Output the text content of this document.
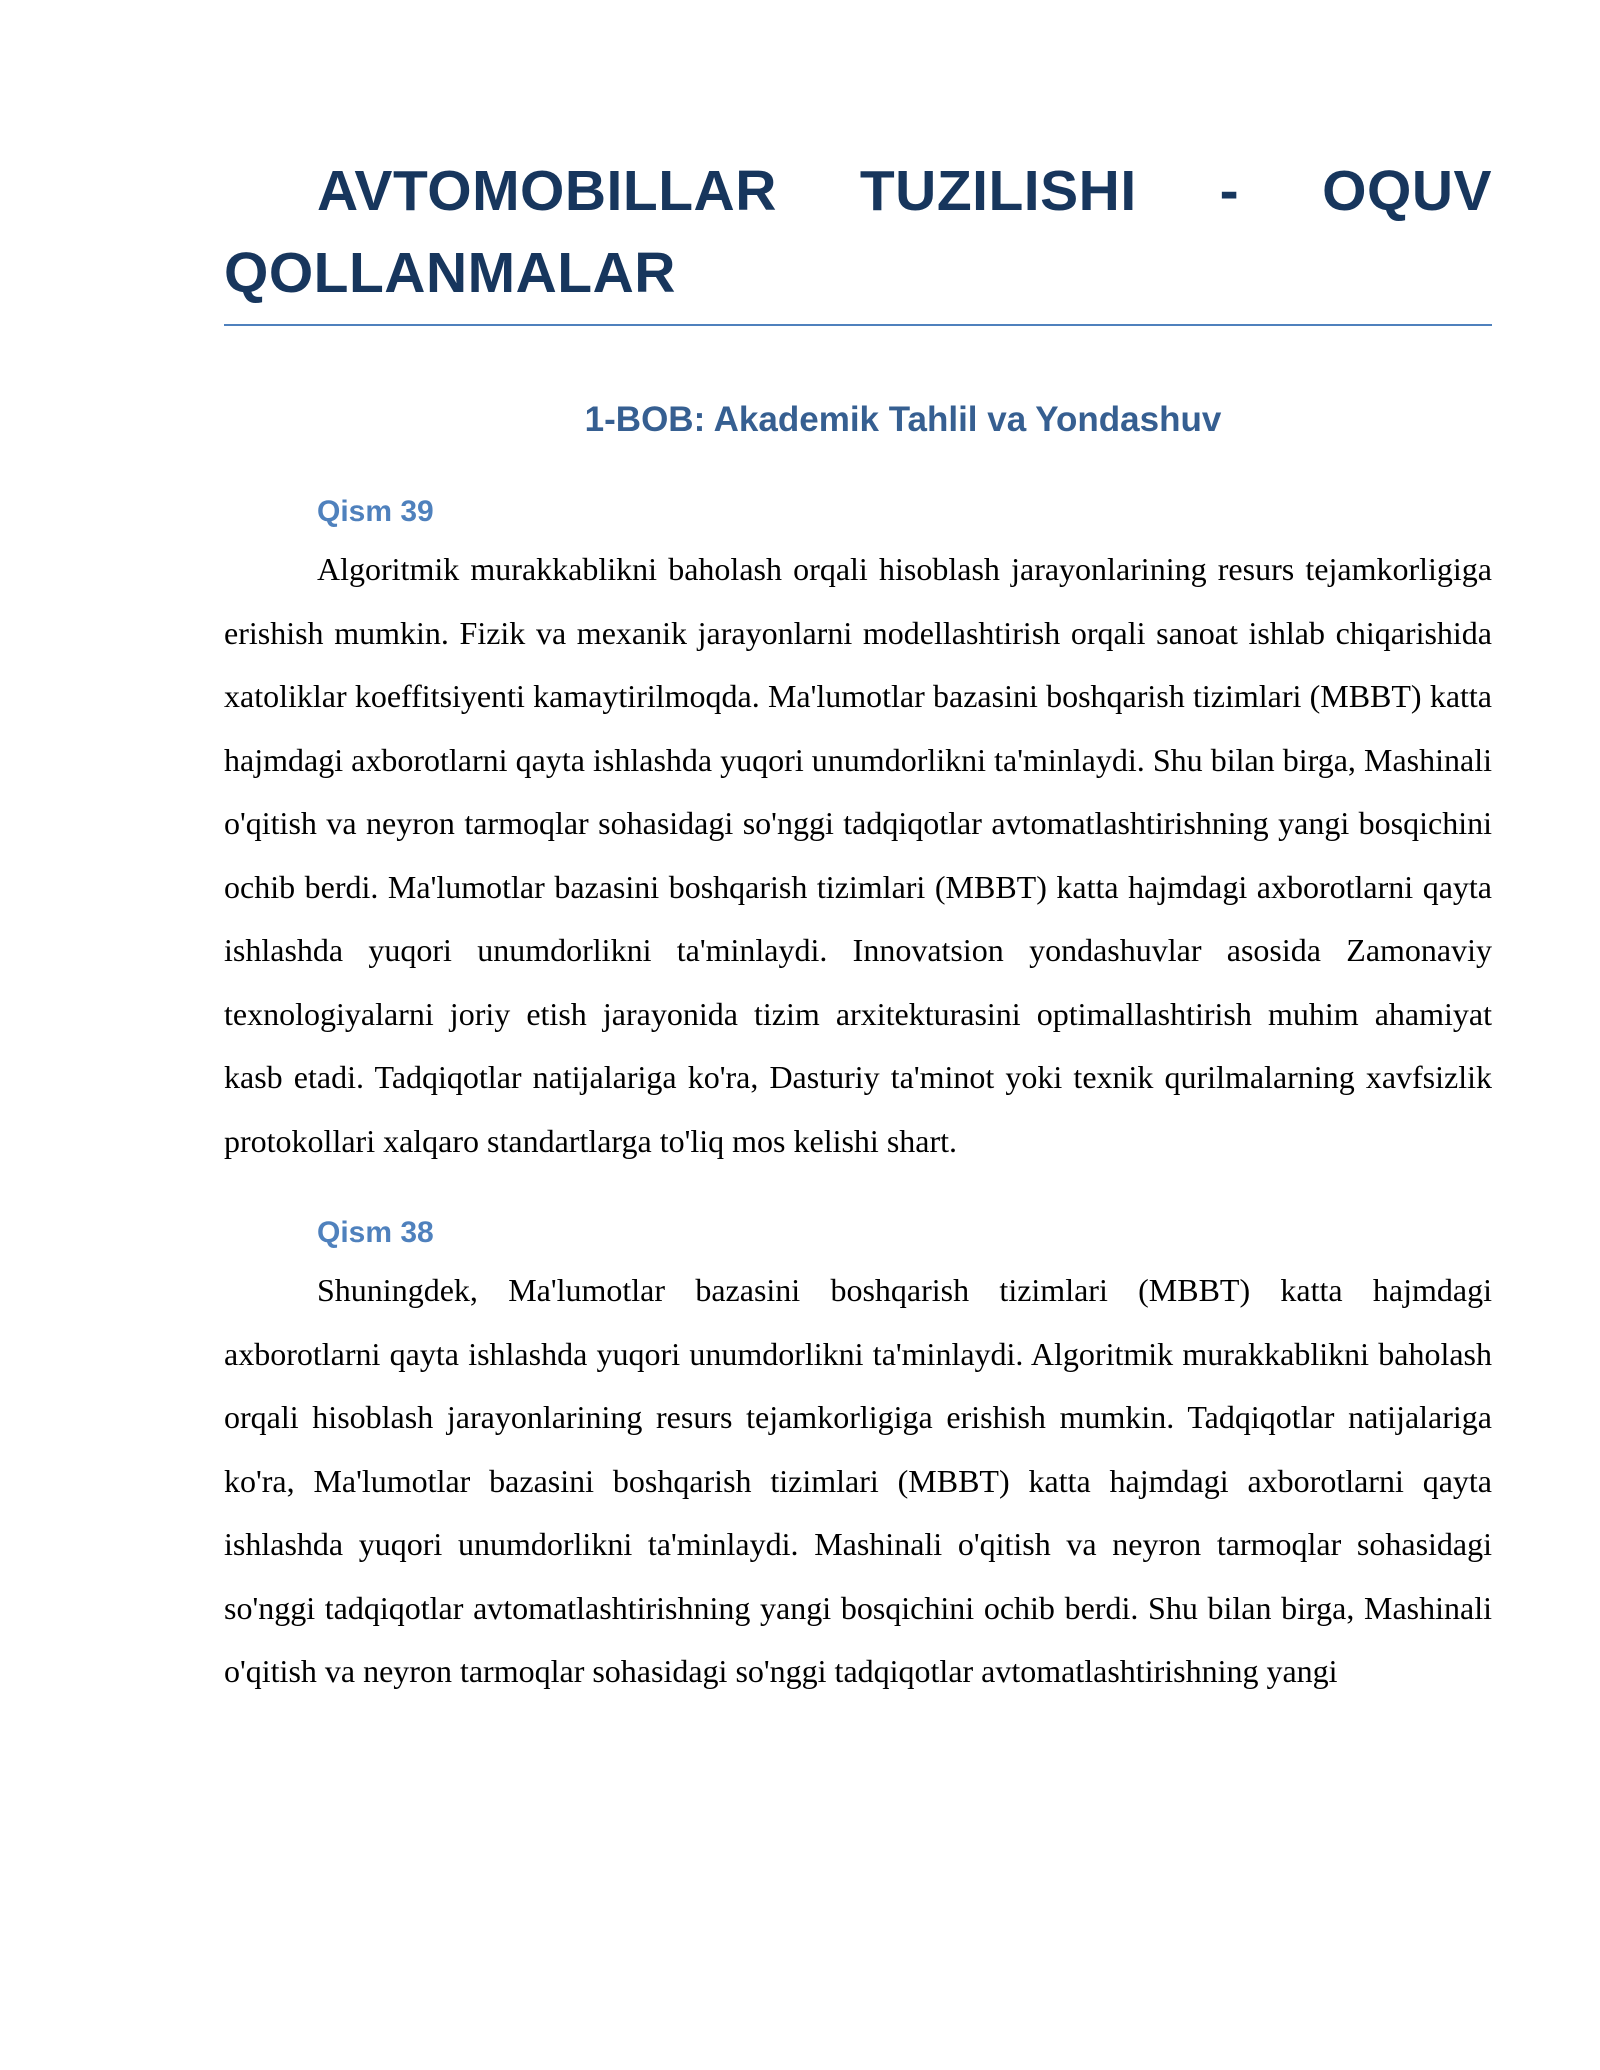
AVTOMOBILLAR TUZILISHI - OQUV QOLLANMALAR
1-BOB: Akademik Tahlil va Yondashuv
Qism 39

Algoritmik murakkablikni baholash orqali hisoblash jarayonlarining resurs tejamkorligiga erishish mumkin. Fizik va mexanik jarayonlarni modellashtirish orqali sanoat ishlab chiqarishida xatoliklar koeffitsiyenti kamaytirilmoqda. Ma'lumotlar bazasini boshqarish tizimlari (MBBT) katta hajmdagi axborotlarni qayta ishlashda yuqori unumdorlikni ta'minlaydi. Shu bilan birga, Mashinali o'qitish va neyron tarmoqlar sohasidagi so'nggi tadqiqotlar avtomatlashtirishning yangi bosqichini ochib berdi. Ma'lumotlar bazasini boshqarish tizimlari (MBBT) katta hajmdagi axborotlarni qayta ishlashda yuqori unumdorlikni ta'minlaydi. Innovatsion yondashuvlar asosida Zamonaviy texnologiyalarni joriy etish jarayonida tizim arxitekturasini optimallashtirish muhim ahamiyat kasb etadi. Tadqiqotlar natijalariga ko'ra, Dasturiy ta'minot yoki texnik qurilmalarning xavfsizlik protokollari xalqaro standartlarga to'liq mos kelishi shart.

Qism 38

Shuningdek, Ma'lumotlar bazasini boshqarish tizimlari (MBBT) katta hajmdagi axborotlarni qayta ishlashda yuqori unumdorlikni ta'minlaydi. Algoritmik murakkablikni baholash orqali hisoblash jarayonlarining resurs tejamkorligiga erishish mumkin. Tadqiqotlar natijalariga ko'ra, Ma'lumotlar bazasini boshqarish tizimlari (MBBT) katta hajmdagi axborotlarni qayta ishlashda yuqori unumdorlikni ta'minlaydi. Mashinali o'qitish va neyron tarmoqlar sohasidagi so'nggi tadqiqotlar avtomatlashtirishning yangi bosqichini ochib berdi. Shu bilan birga, Mashinali o'qitish va neyron tarmoqlar sohasidagi so'nggi tadqiqotlar avtomatlashtirishning yangi
